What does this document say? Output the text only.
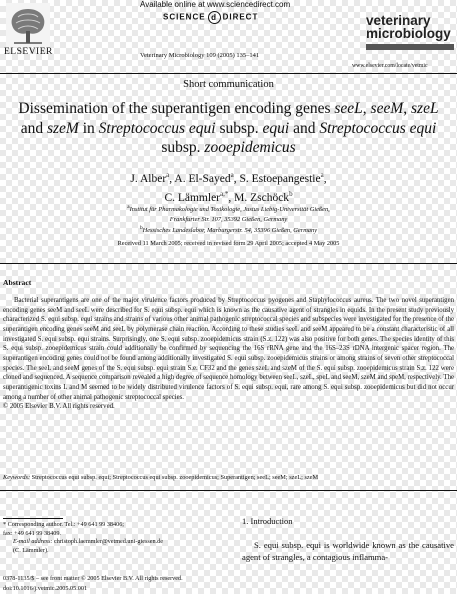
Available online at www.sciencedirect.com
SCIENCE d DIRECT
ELSEVIER	Veterinary Microbiology 109 (2005) 135–141
veterinary
microbiology
www.elsevier.com/locate/vetmic
Short communication
Dissemination of the superantigen encoding genes seeL, seeM, szeL and szeM in Streptococcus equi subsp. equi and Streptococcus equi subsp. zooepidemicus
J. Alber$^a$, A. El-Sayed$^a$, S. Estoepangestie$^a$,
C. Lämmler$^{a,*}$, M. Zschöck$^b$
$^a$Institut für Pharmakologie und Toxikologie, Justus Liebig-Universität Gießen,
Frankfurter Str. 107, 35392 Gießen, Germany
$^b$Hessisches Landeslabor, Marburgerstr. 54, 35396 Gießen, Germany
Received 11 March 2005; received in revised form 29 April 2005; accepted 4 May 2005
Abstract
Bacterial superantigens are one of the major virulence factors produced by Streptococcus pyogenes and Staphylococcus aureus. The two novel superantigen encoding genes seeM and seeL were described for S. equi subsp. equi which is known as the causative agent of strangles in equids. In the present study previously characterized S. equi subsp. equi strains and strains of various other animal pathogenic streptococcal species and subspecies were investigated for the presence of the superantigen encoding genes seeM and seeL by polymerase chain reaction. According to these studies seeL and seeM appeared to be a constant characteristic of all investigated S. equi subsp. equi strains. Surprisingly, one S. equi subsp. zooepidemicus strain (S.z. 122) was also positive for both genes. The species identity of this S. equi subsp. zooepidemicus strain could additionally be confirmed by sequencing the 16S rRNA gene and the 16S–23S rDNA intergenic spacer region. The superantigen encoding genes could not be found among additionally investigated S. equi subsp. zooepidemicus strains or among strains of seven other streptococcal species. The seeL and seeM genes of the S. equi subsp. equi strain S.e. CF32 and the genes szeL and szeM of the S. equi subsp. zooepidemicus strain S.z. 122 were cloned and sequenced. A sequence comparison revealed a high degree of sequence homology between seeL, szeL, speL and seeM, szeM and speM, respectively. The superantigenic toxins L and M seemed to be widely distributed virulence factors of S. equi subsp. equi, rare among S. equi subsp. zooepidemicus but did not occur among a number of other animal pathogenic streptococcal species.
© 2005 Elsevier B.V. All rights reserved.
Keywords: Streptococcus equi subsp. equi; Streptococcus equi subsp. zooepidemicus; Superantigen; seeL; seeM; szeL; szeM
* Corresponding author. Tel.: +49 641 99 38406;
fax: +49 641 99 38409.
E-mail address: christoph.laemmler@vetmed.uni-giessen.de
(C. Lämmler).
0378-1135/$ – see front matter © 2005 Elsevier B.V. All rights reserved.
doi:10.1016/j.vetmic.2005.05.001
1. Introduction
S. equi subsp. equi is worldwide known as the causative agent of strangles, a contagious inflamma-
